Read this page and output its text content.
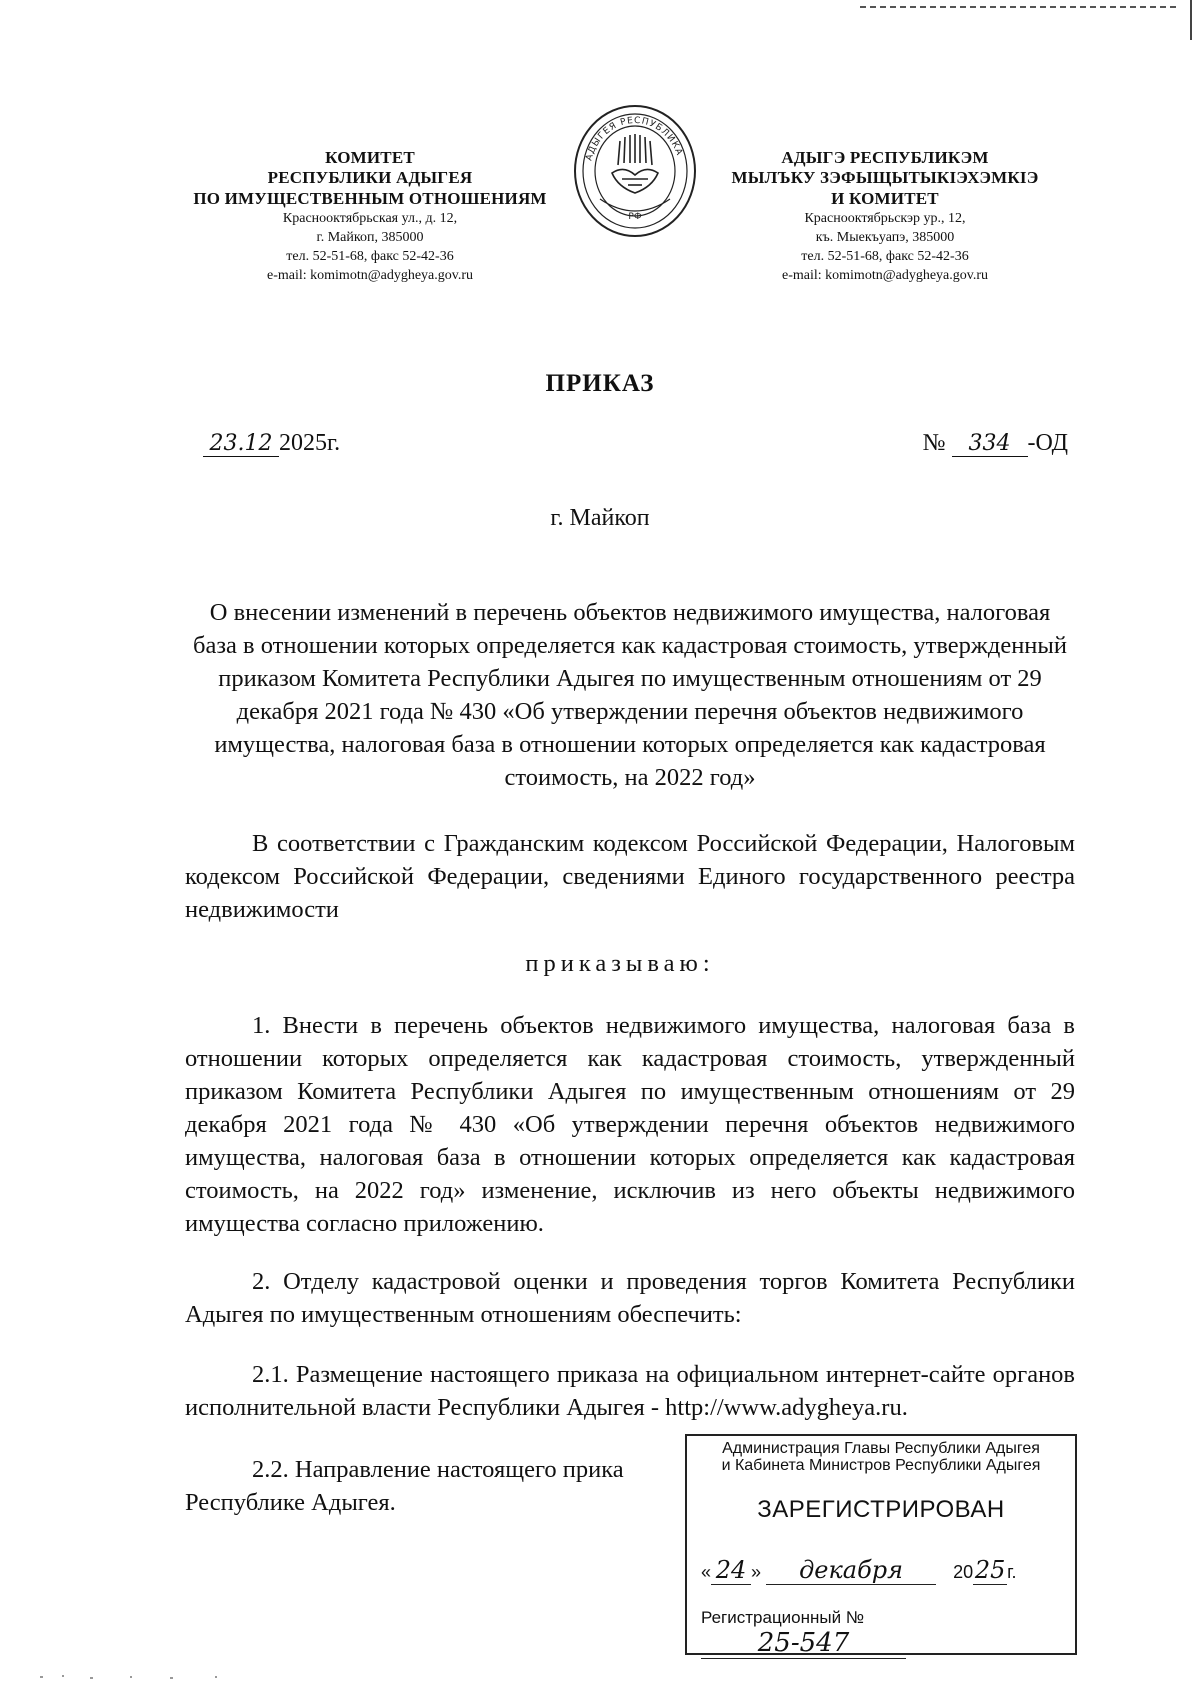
КОМИТЕТ
РЕСПУБЛИКИ АДЫГЕЯ
ПО ИМУЩЕСТВЕННЫМ ОТНОШЕНИЯМ
Краснооктябрьская ул., д. 12,
г. Майкоп, 385000
тел. 52-51-68, факс 52-42-36
e-mail: komimotn@adygheya.gov.ru
АДЫГЕЯ РЕСПУБЛИКА
РФ
АДЫГЭ РЕСПУБЛИКЭМ
МЫЛЪКУ ЗЭФЫЩЫТЫКIЭХЭМКIЭ
И КОМИТЕТ
Краснооктябрьскэр ур., 12,
къ. Мыекъуапэ, 385000
тел. 52-51-68, факс 52-42-36
e-mail: komimotn@adygheya.gov.ru
ПРИКАЗ
23.12 2025г.	№ 334 -ОД
г. Майкоп
О внесении изменений в перечень объектов недвижимого имущества, налоговая база в отношении которых определяется как кадастровая стоимость, утвержденный приказом Комитета Республики Адыгея по имущественным отношениям от 29 декабря 2021 года № 430 «Об утверждении перечня объектов недвижимого имущества, налоговая база в отношении которых определяется как кадастровая стоимость, на 2022 год»
В соответствии с Гражданским кодексом Российской Федерации, Налоговым кодексом Российской Федерации, сведениями Единого государственного реестра недвижимости
приказываю:
1. Внести в перечень объектов недвижимого имущества, налоговая база в отношении которых определяется как кадастровая стоимость, утвержденный приказом Комитета Республики Адыгея по имущественным отношениям от 29 декабря 2021 года № 430 «Об утверждении перечня объектов недвижимого имущества, налоговая база в отношении которых определяется как кадастровая стоимость, на 2022 год» изменение, исключив из него объекты недвижимого имущества согласно приложению.
2. Отделу кадастровой оценки и проведения торгов Комитета Республики Адыгея по имущественным отношениям обеспечить:
2.1. Размещение настоящего приказа на официальном интернет-сайте органов исполнительной власти Республики Адыгея - http://www.adygheya.ru.
2.2. Направление настоящего прика
Республике Адыгея.
Администрация Главы Республики Адыгея
и Кабинета Министров Республики Адыгея
ЗАРЕГИСТРИРОВАН
« 24 » декабря	2025г.
Регистрационный №25-547
